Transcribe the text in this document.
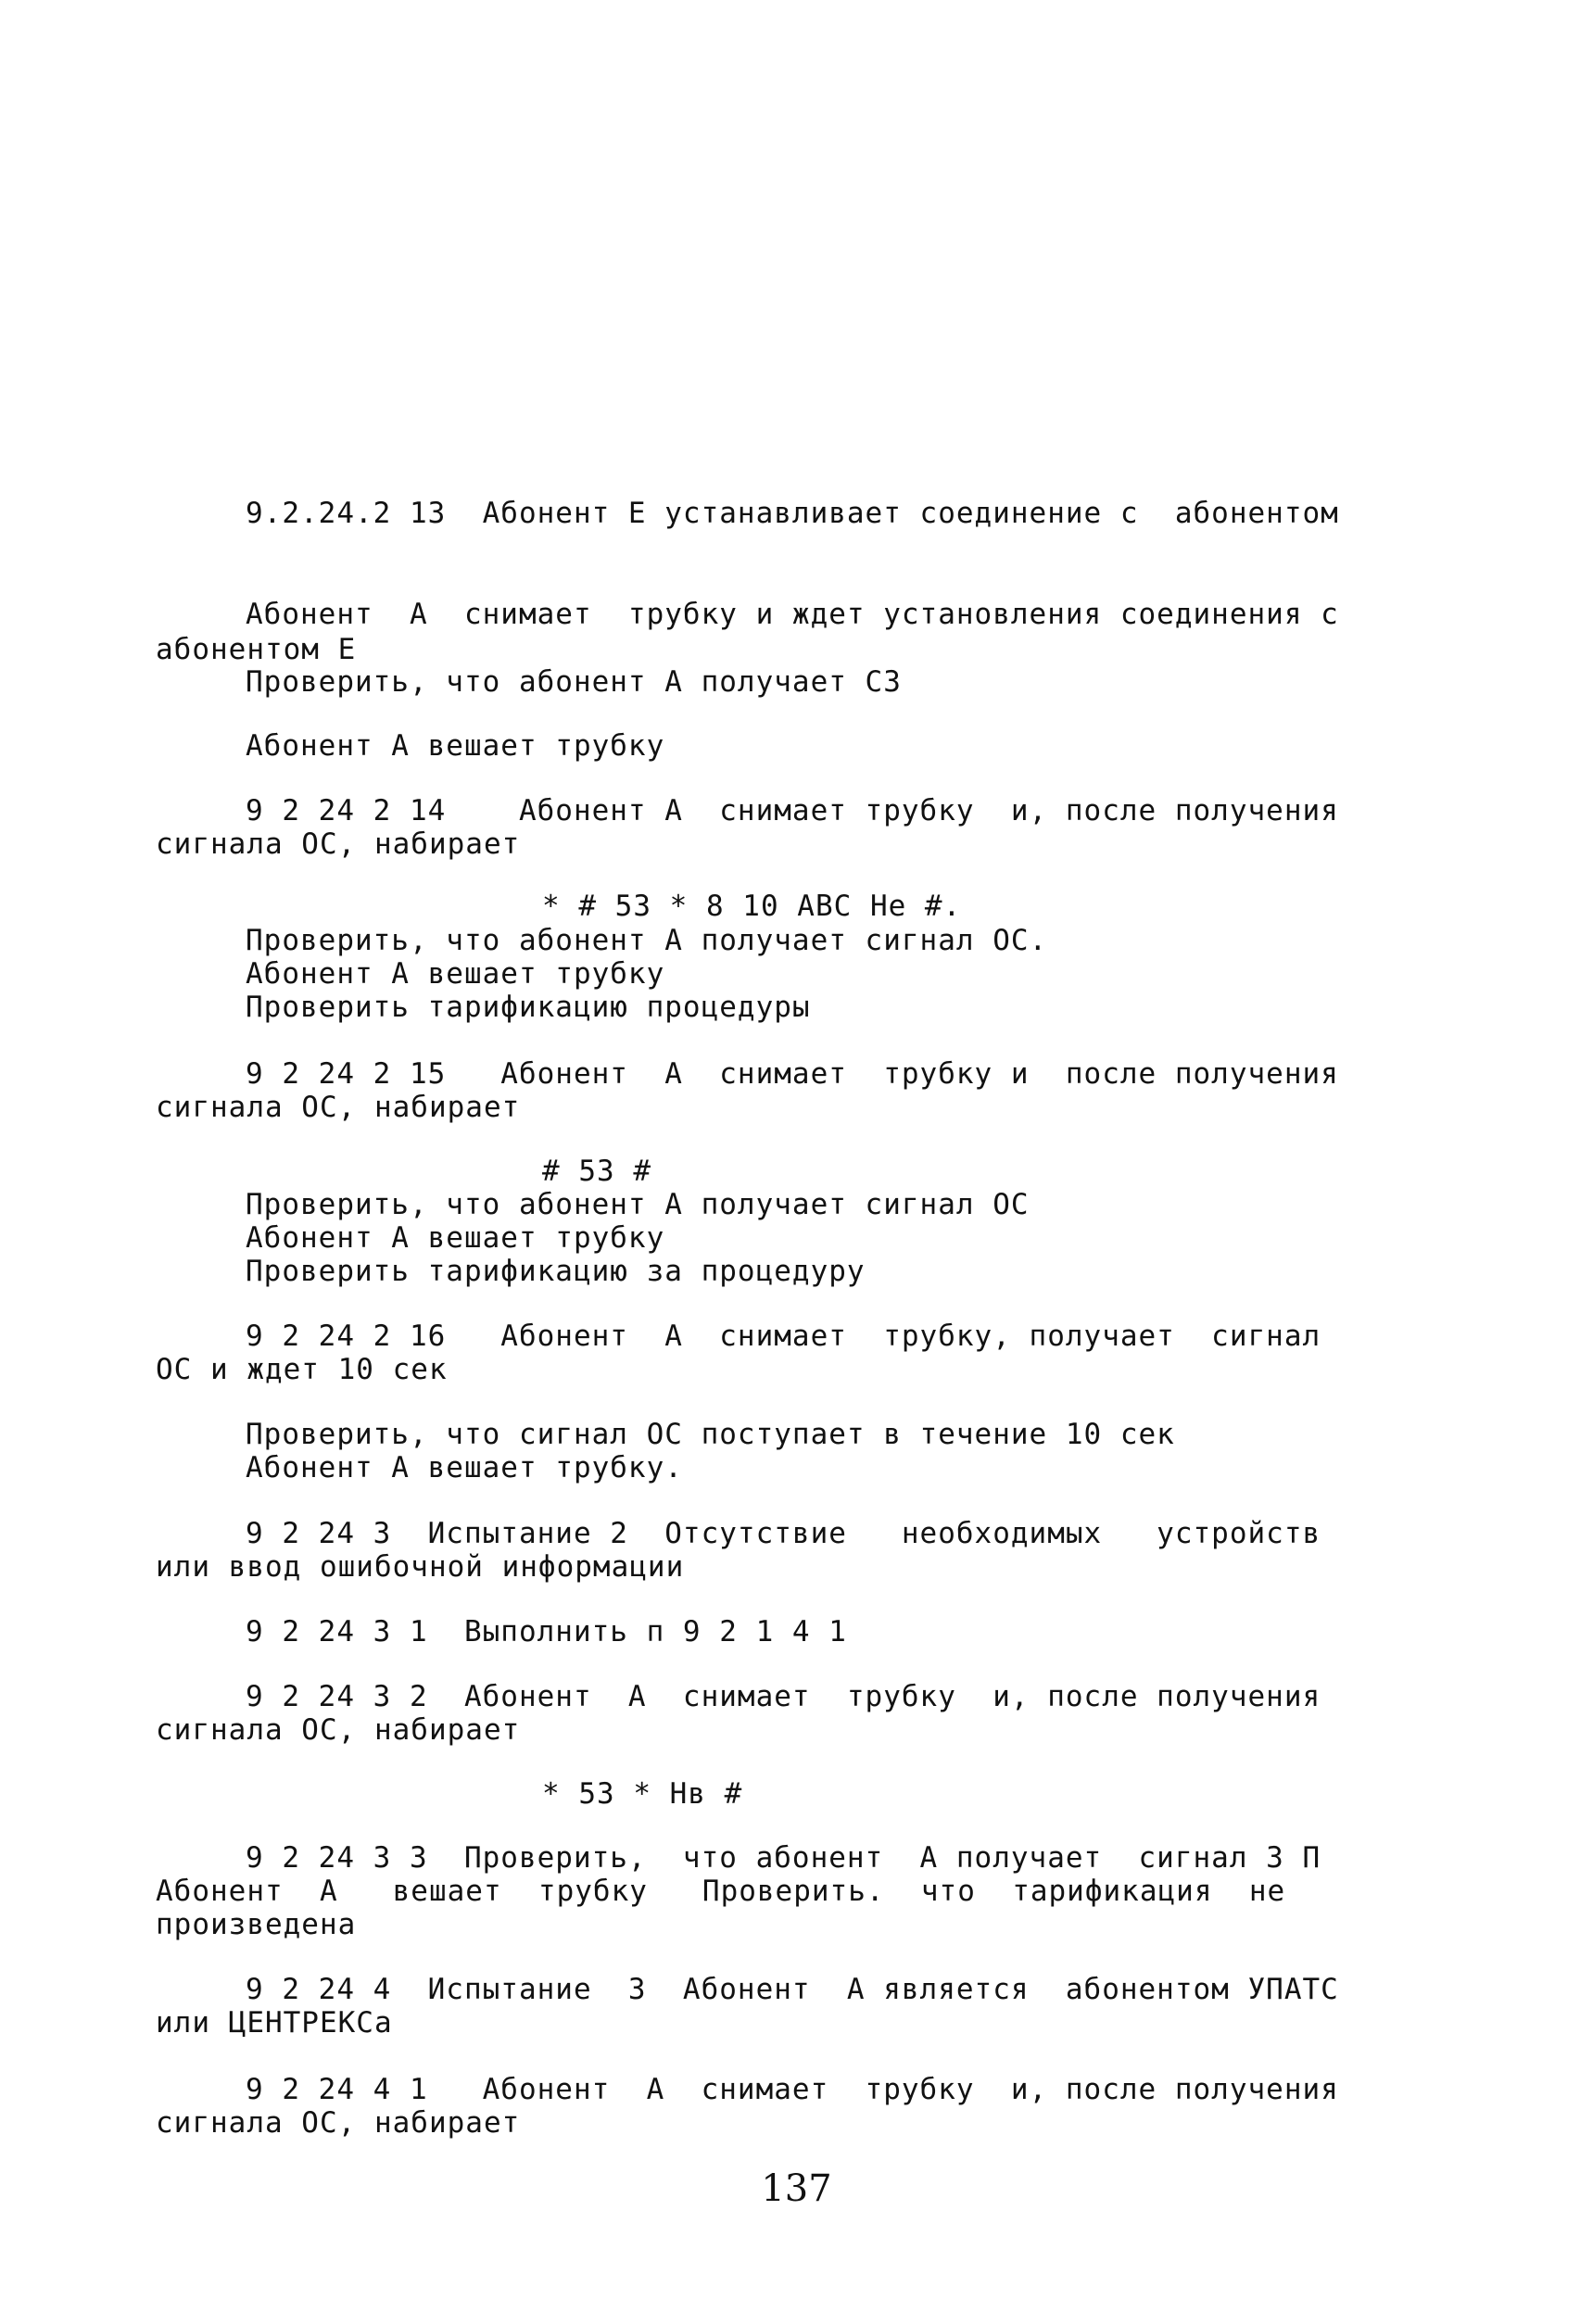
9.2.24.2 13  Абонент Е устанавливает соединение с  абонентом
Абонент  А  снимает  трубку и ждет установления соединения с
абонентом Е
Проверить, что абонент А получает СЗ
Абонент А вешает трубку
9 2 24 2 14    Абонент А  снимает трубку  и, после получения
сигнала ОС, набирает
* # 53 * 8 10 АВС Не #.
Проверить, что абонент А получает сигнал ОС.
Абонент А вешает трубку
Проверить тарификацию процедуры
9 2 24 2 15   Абонент  А  снимает  трубку и  после получения
сигнала ОС, набирает
# 53 #
Проверить, что абонент А получает сигнал ОС
Абонент А вешает трубку
Проверить тарификацию за процедуру
9 2 24 2 16   Абонент  А  снимает  трубку, получает  сигнал
ОС и ждет 10 сек
Проверить, что сигнал ОС поступает в течение 10 сек
Абонент А вешает трубку.
9 2 24 3  Испытание 2  Отсутствие   необходимых   устройств
или ввод ошибочной информации
9 2 24 3 1  Выполнить п 9 2 1 4 1
9 2 24 3 2  Абонент  А  снимает  трубку  и, после получения
сигнала ОС, набирает
* 53 * Нв #
9 2 24 3 3  Проверить,  что абонент  А получает  сигнал 3 П
Абонент  А   вешает  трубку   Проверить.  что  тарификация  не
произведена
9 2 24 4  Испытание  3  Абонент  А является  абонентом УПАТС
или ЦЕНТРЕКСа
9 2 24 4 1   Абонент  А  снимает  трубку  и, после получения
сигнала ОС, набирает
137
